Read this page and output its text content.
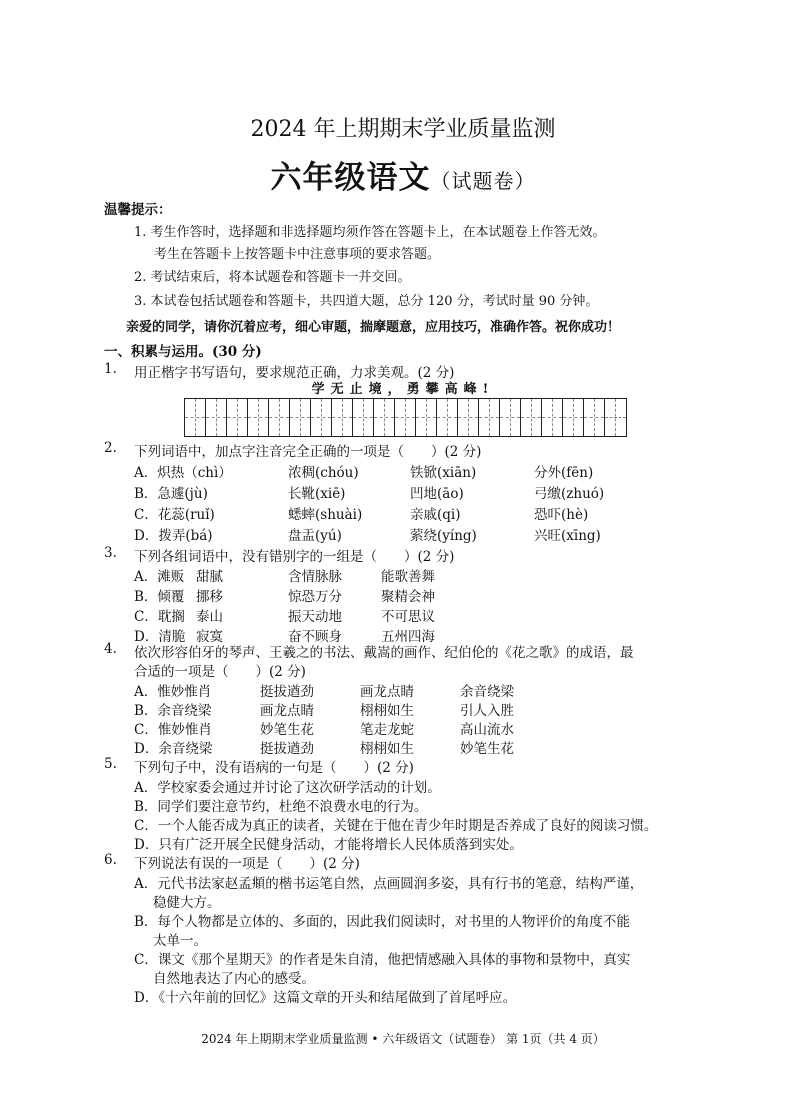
2024 年上期期末学业质量监测
六年级语文（试题卷）
温馨提示：
1. 考生作答时，选择题和非选择题均须作答在答题卡上，在本试题卷上作答无效。
考生在答题卡上按答题卡中注意事项的要求答题。
2. 考试结束后，将本试题卷和答题卡一并交回。
3. 本试卷包括试题卷和答题卡，共四道大题，总分 120 分，考试时量 90 分钟。
亲爱的同学，请你沉着应考，细心审题，揣摩题意，应用技巧，准确作答。祝你成功！
一、积累与运用。(30 分)
1. 用正楷字书写语句，要求规范正确，力求美观。(2 分)
学无止境，勇攀高峰!
2. 下列词语中，加点字注音完全正确的一项是（　　）(2 分)
A．炽热（chì）	浓稠(chóu)	铁锨(xiān)	分外(fēn)
B．急遽(jù)	长靴(xiē)	凹地(āo)	弓缴(zhuó)
C．花蕊(ruǐ)	蟋蟀(shuài)	亲戚(qi)	恐吓(hè)
D．拨弄(bá)	盘盂(yú)	萦绕(yíng)	兴旺(xīng)
3. 下列各组词语中，没有错别字的一组是（　　）(2 分)
A．滩贩 甜腻	含情脉脉	能歌善舞
B．倾覆 挪移	惊恐万分	聚精会神
C．耽搁 泰山	振天动地	不可思议
D．清脆 寂寞	奋不顾身	五州四海
4. 依次形容伯牙的琴声、王羲之的书法、戴嵩的画作、纪伯伦的《花之歌》的成语，最
合适的一项是（　　）(2 分)
A．惟妙惟肖	挺拔遒劲	画龙点睛	余音绕梁
B．余音绕梁	画龙点睛	栩栩如生	引人入胜
C．惟妙惟肖	妙笔生花	笔走龙蛇	高山流水
D．余音绕梁	挺拔遒劲	栩栩如生	妙笔生花
5. 下列句子中，没有语病的一句是（　　）(2 分)
A．学校家委会通过并讨论了这次研学活动的计划。
B．同学们要注意节约，杜绝不浪费水电的行为。
C．一个人能否成为真正的读者，关键在于他在青少年时期是否养成了良好的阅读习惯。
D．只有广泛开展全民健身活动，才能将增长人民体质落到实处。
6. 下列说法有误的一项是（　　）(2 分)
A．元代书法家赵孟頫的楷书运笔自然，点画圆润多姿，具有行书的笔意，结构严谨，
稳健大方。
B．每个人物都是立体的、多面的，因此我们阅读时，对书里的人物评价的角度不能
太单一。
C．课文《那个星期天》的作者是朱自清，他把情感融入具体的事物和景物中，真实
自然地表达了内心的感受。
D．《十六年前的回忆》这篇文章的开头和结尾做到了首尾呼应。
2024 年上期期末学业质量监测 • 六年级语文（试题卷） 第 1页（共 4 页）
